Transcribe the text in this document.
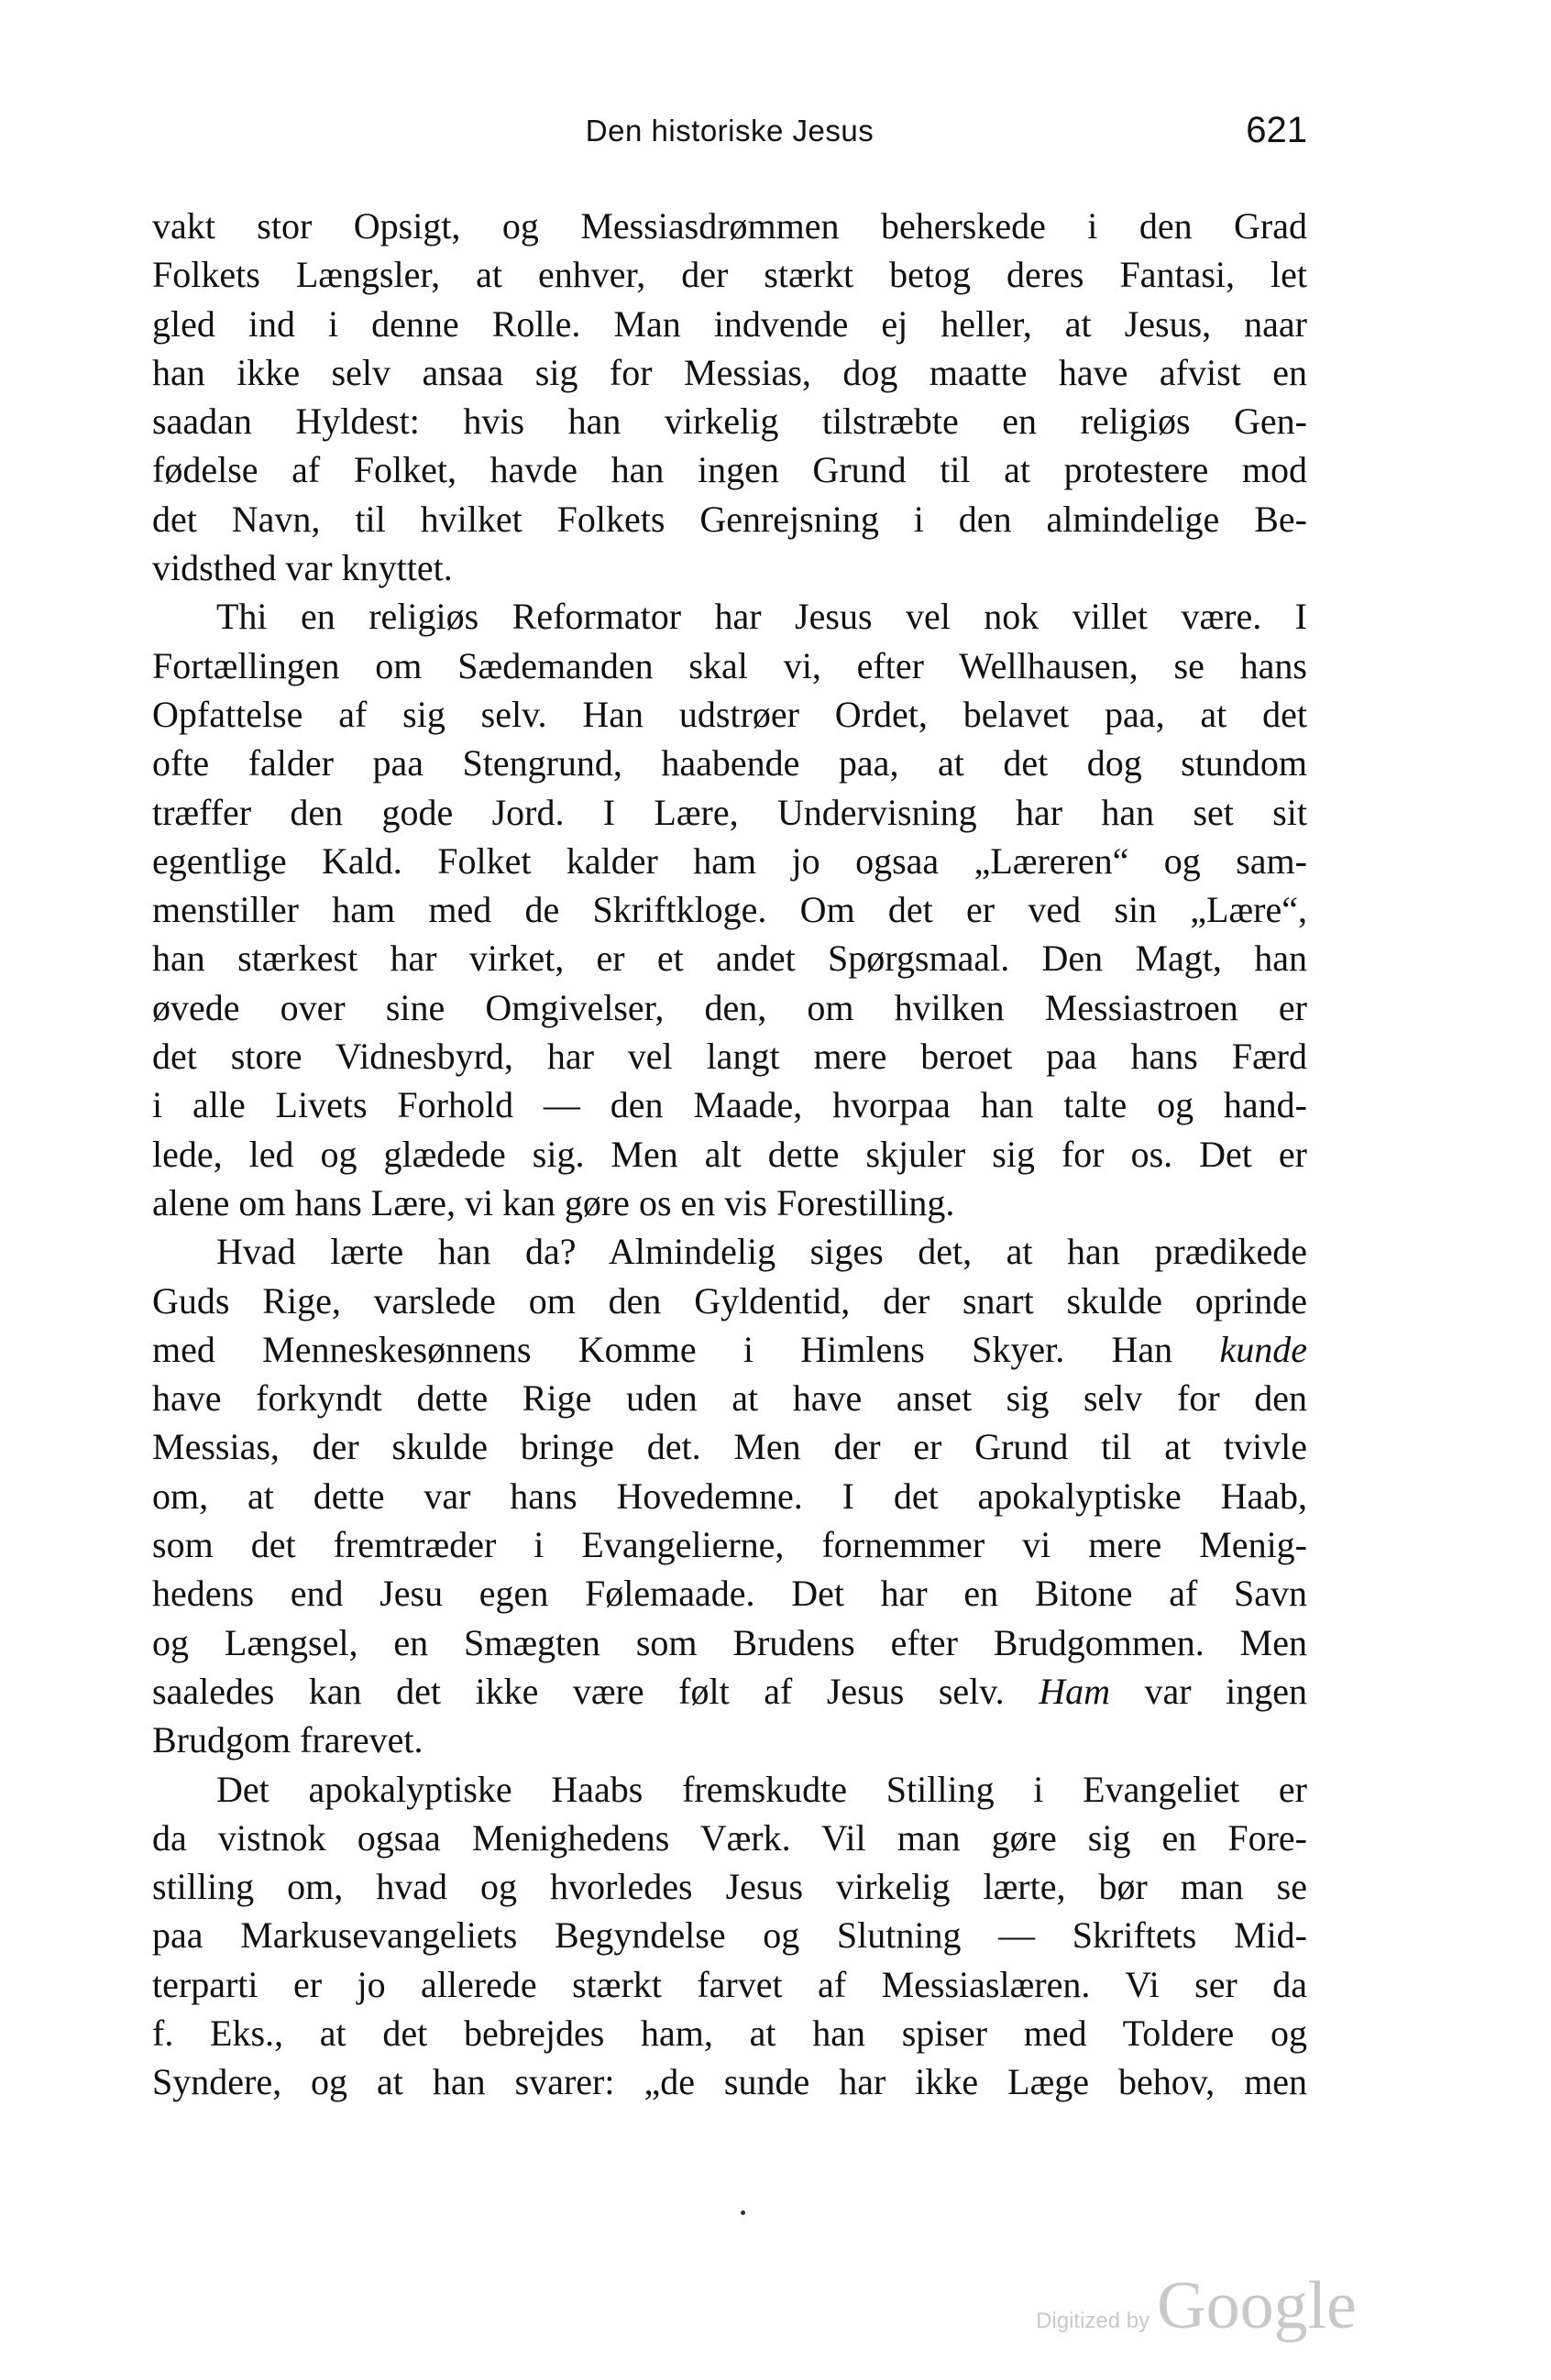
Den historiske Jesus	621
vakt stor Opsigt, og Messiasdrømmen beherskede i den Grad
Folkets Længsler, at enhver, der stærkt betog deres Fantasi, let
gled ind i denne Rolle. Man indvende ej heller, at Jesus, naar
han ikke selv ansaa sig for Messias, dog maatte have afvist en
saadan Hyldest: hvis han virkelig tilstræbte en religiøs Gen-
fødelse af Folket, havde han ingen Grund til at protestere mod
det Navn, til hvilket Folkets Genrejsning i den almindelige Be-
vidsthed var knyttet.
Thi en religiøs Reformator har Jesus vel nok villet være. I
Fortællingen om Sædemanden skal vi, efter Wellhausen, se hans
Opfattelse af sig selv. Han udstrøer Ordet, belavet paa, at det
ofte falder paa Stengrund, haabende paa, at det dog stundom
træffer den gode Jord. I Lære, Undervisning har han set sit
egentlige Kald. Folket kalder ham jo ogsaa „Læreren“ og sam-
menstiller ham med de Skriftkloge. Om det er ved sin „Lære“,
han stærkest har virket, er et andet Spørgsmaal. Den Magt, han
øvede over sine Omgivelser, den, om hvilken Messiastroen er
det store Vidnesbyrd, har vel langt mere beroet paa hans Færd
i alle Livets Forhold — den Maade, hvorpaa han talte og hand-
lede, led og glædede sig. Men alt dette skjuler sig for os. Det er
alene om hans Lære, vi kan gøre os en vis Forestilling.
Hvad lærte han da? Almindelig siges det, at han prædikede
Guds Rige, varslede om den Gyldentid, der snart skulde oprinde
med Menneskesønnens Komme i Himlens Skyer. Han kunde
have forkyndt dette Rige uden at have anset sig selv for den
Messias, der skulde bringe det. Men der er Grund til at tvivle
om, at dette var hans Hovedemne. I det apokalyptiske Haab,
som det fremtræder i Evangelierne, fornemmer vi mere Menig-
hedens end Jesu egen Følemaade. Det har en Bitone af Savn
og Længsel, en Smægten som Brudens efter Brudgommen. Men
saaledes kan det ikke være følt af Jesus selv. Ham var ingen
Brudgom frarevet.
Det apokalyptiske Haabs fremskudte Stilling i Evangeliet er
da vistnok ogsaa Menighedens Værk. Vil man gøre sig en Fore-
stilling om, hvad og hvorledes Jesus virkelig lærte, bør man se
paa Markusevangeliets Begyndelse og Slutning — Skriftets Mid-
terparti er jo allerede stærkt farvet af Messiaslæren. Vi ser da
f. Eks., at det bebrejdes ham, at han spiser med Toldere og
Syndere, og at han svarer: „de sunde har ikke Læge behov, men
Digitized by Google
